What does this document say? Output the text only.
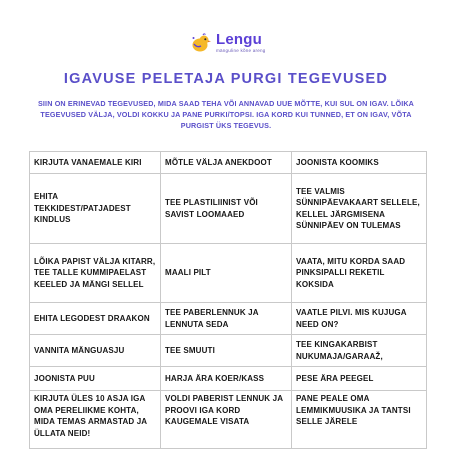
Lengu
mänguline kõne areng
IGAVUSE PELETAJA PURGI TEGEVUSED
SIIN ON ERINEVAD TEGEVUSED, MIDA SAAD TEHA VÕI ANNAVAD UUE MÕTTE, KUI SUL ON IGAV. LÕIKA TEGEVUSED VÄLJA, VOLDI KOKKU JA PANE PURKI/TOPSI. IGA KORD KUI TUNNED, ET ON IGAV, VÕTA PURGIST ÜKS TEGEVUS.
KIRJUTA VANAEMALE KIRI	MÕTLE VÄLJA ANEKDOOT	JOONISTA KOOMIKS
EHITA TEKKIDEST/PATJADEST KINDLUS	TEE PLASTILIINIST VÕI SAVIST LOOMAAED	TEE VALMIS SÜNNIPÄEVAKAART SELLELE, KELLEL JÄRGMISENA SÜNNIPÄEV ON TULEMAS
LÕIKA PAPIST VÄLJA KITARR, TEE TALLE KUMMIPAELAST KEELED JA MÄNGI SELLEL	MAALI PILT	VAATA, MITU KORDA SAAD PINKSIPALLI REKETIL KOKSIDA
EHITA LEGODEST DRAAKON	TEE PABERLENNUK JA LENNUTA SEDA	VAATLE PILVI. MIS KUJUGA NEED ON?
VANNITA MÄNGUASJU	TEE SMUUTI	TEE KINGAKARBIST NUKUMAJA/GARAAŽ,
JOONISTA PUU	HARJA ÄRA KOER/KASS	PESE ÄRA PEEGEL
KIRJUTA ÜLES 10 ASJA IGA OMA PERELIIKME KOHTA, MIDA TEMAS ARMASTAD JA ÜLLATA NEID!	VOLDI PABERIST LENNUK JA PROOVI IGA KORD KAUGEMALE VISATA	PANE PEALE OMA LEMMIKMUUSIKA JA TANTSI SELLE JÄRELE
